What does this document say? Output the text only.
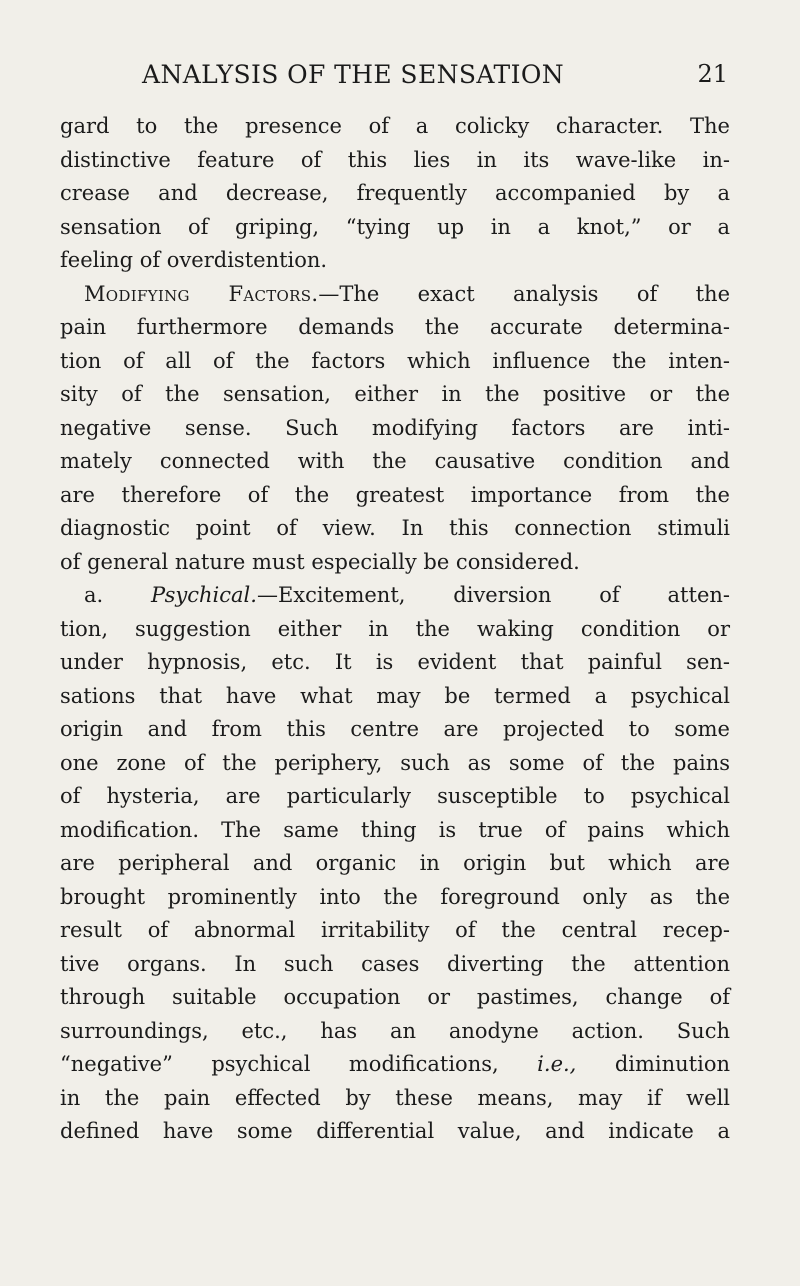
ANALYSIS OF THE SENSATION	21
gard to the presence of a colicky character. The
distinctive feature of this lies in its wave-like in-
crease and decrease, frequently accompanied by a
sensation of griping, “tying up in a knot,” or a
feeling of overdistention.
Modifying Factors.—The exact analysis of the
pain furthermore demands the accurate determina-
tion of all of the factors which influence the inten-
sity of the sensation, either in the positive or the
negative sense. Such modifying factors are inti-
mately connected with the causative condition and
are therefore of the greatest importance from the
diagnostic point of view. In this connection stimuli
of general nature must especially be considered.
a. Psychical.—Excitement, diversion of atten-
tion, suggestion either in the waking condition or
under hypnosis, etc. It is evident that painful sen-
sations that have what may be termed a psychical
origin and from this centre are projected to some
one zone of the periphery, such as some of the pains
of hysteria, are particularly susceptible to psychical
modification. The same thing is true of pains which
are peripheral and organic in origin but which are
brought prominently into the foreground only as the
result of abnormal irritability of the central recep-
tive organs. In such cases diverting the attention
through suitable occupation or pastimes, change of
surroundings, etc., has an anodyne action. Such
“negative” psychical modifications, i.e., diminution
in the pain effected by these means, may if well
defined have some differential value, and indicate a
